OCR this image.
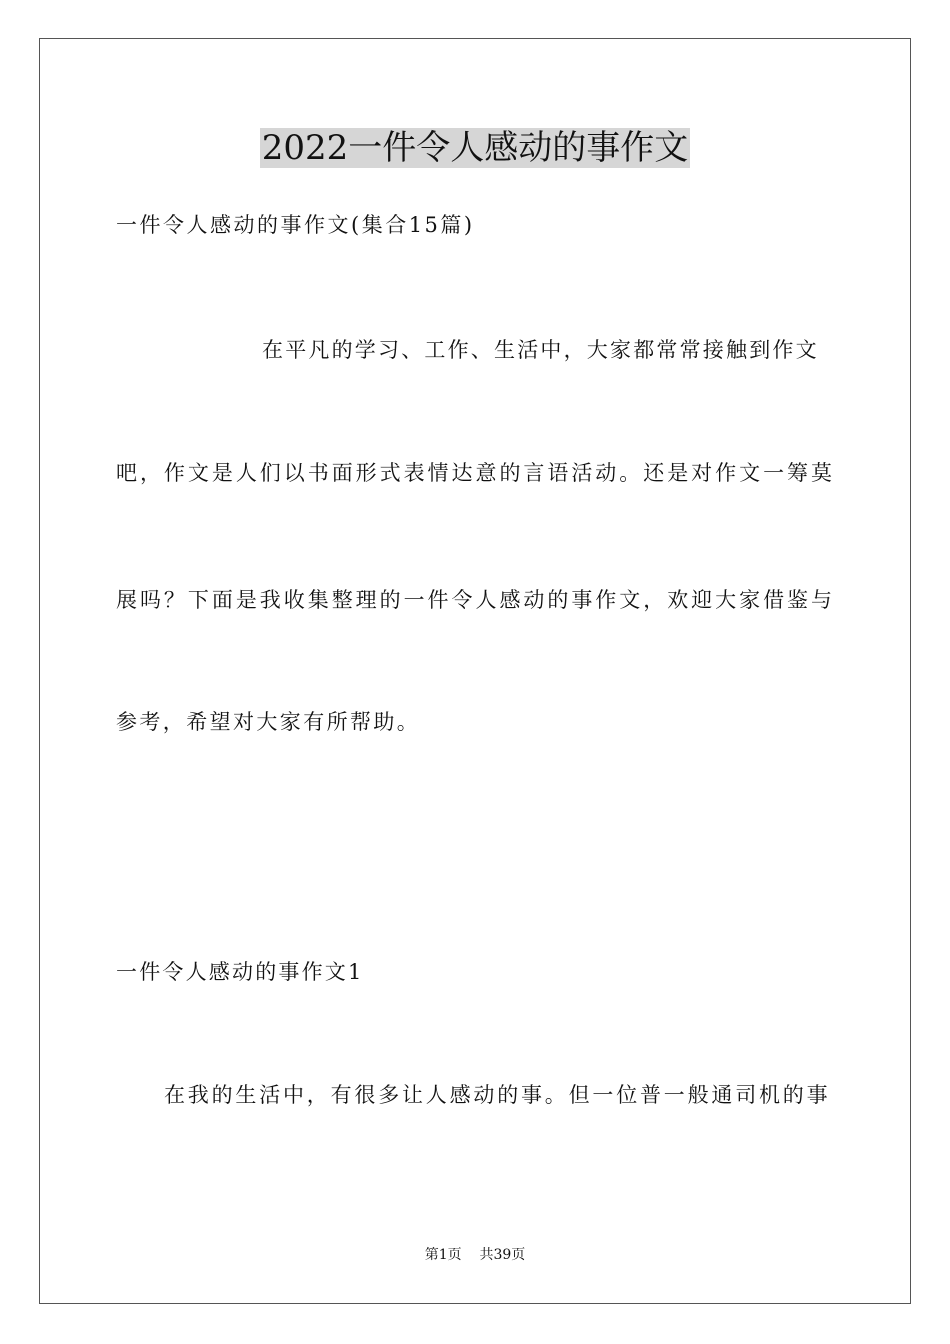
2022一件令人感动的事作文
一件令人感动的事作文(集合15篇)
在平凡的学习、工作、生活中，大家都常常接触到作文
吧，作文是人们以书面形式表情达意的言语活动。还是对作文一筹莫
展吗？下面是我收集整理的一件令人感动的事作文，欢迎大家借鉴与
参考，希望对大家有所帮助。
一件令人感动的事作文1
在我的生活中，有很多让人感动的事。但一位普一般通司机的事
第1页    共39页
